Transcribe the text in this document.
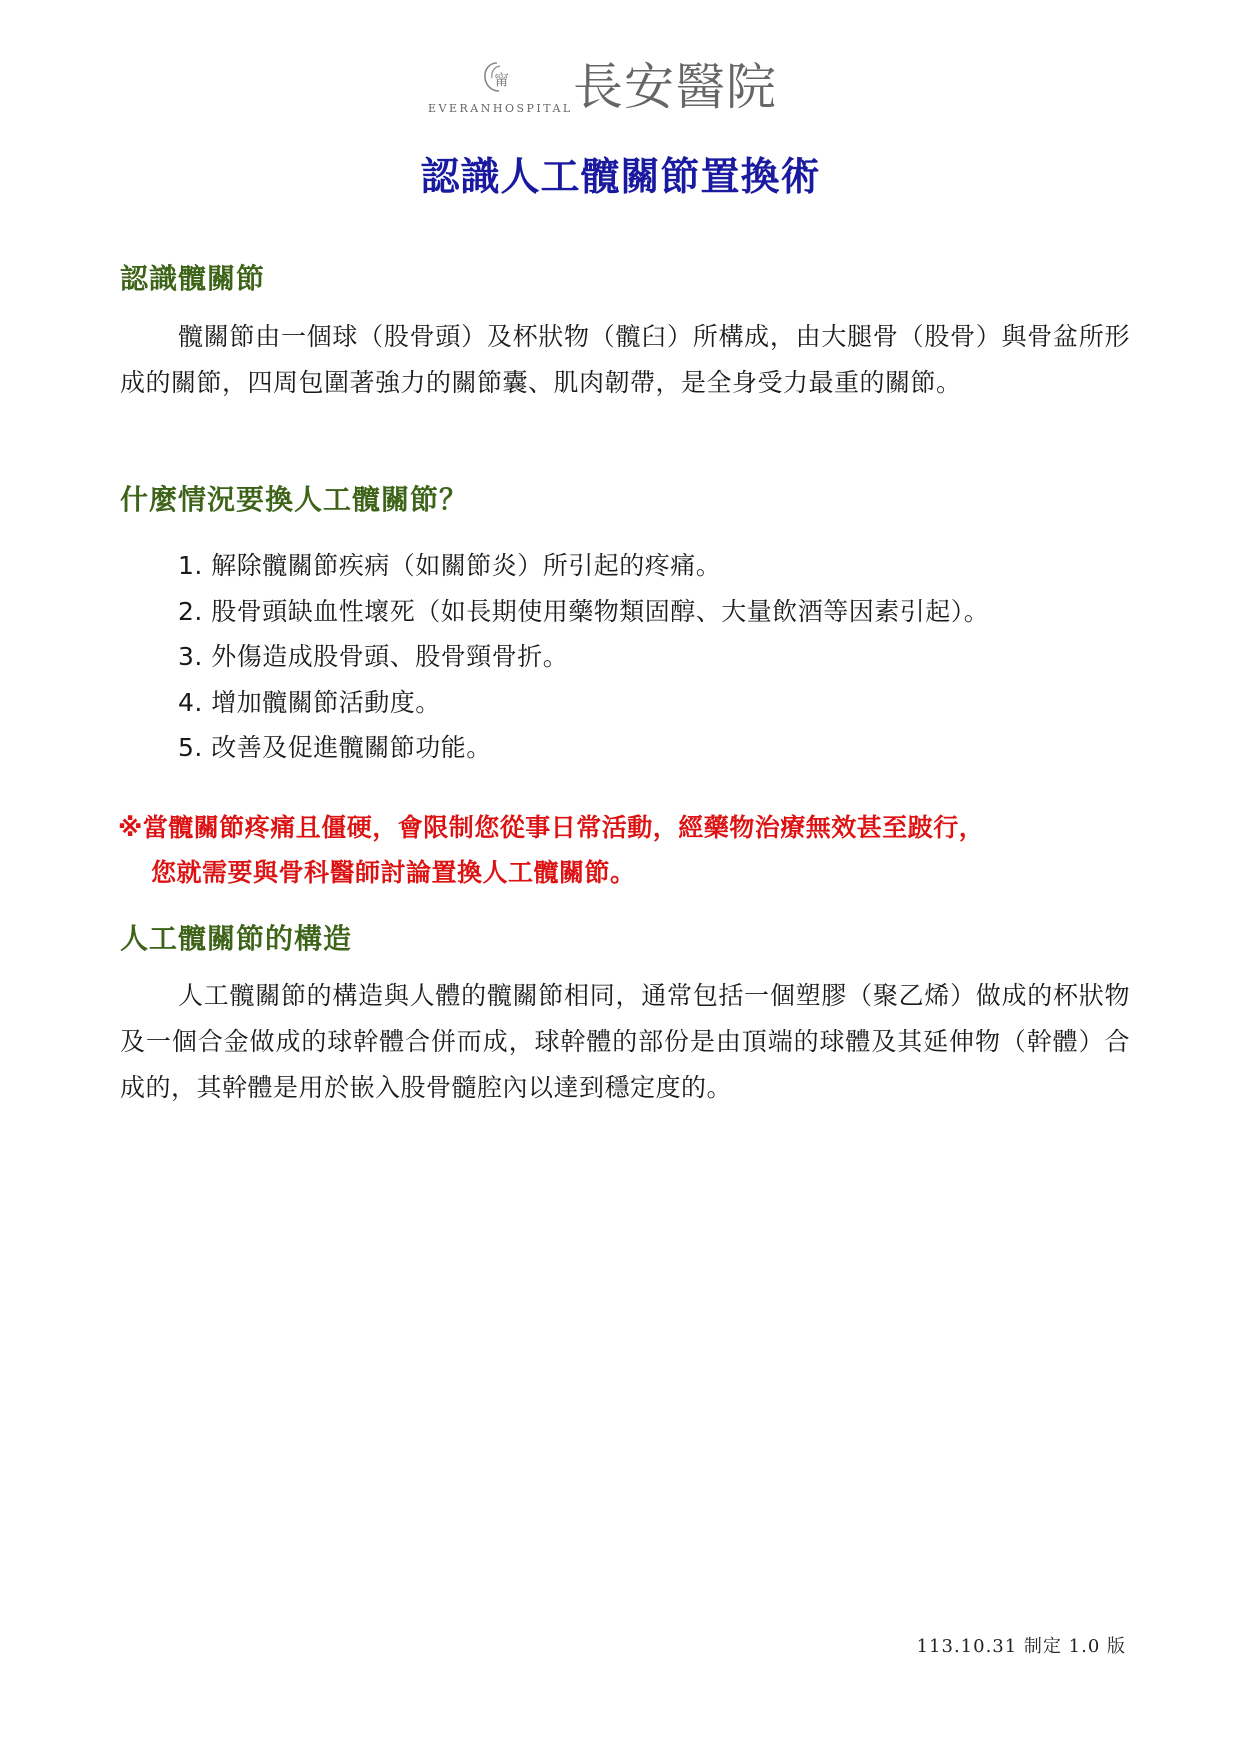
甯
EVERANHOSPITAL 長安醫院
認識人工髖關節置換術
認識髖關節

髖關節由一個球（股骨頭）及杯狀物（髖臼）所構成，由大腿骨（股骨）與骨盆所形成的關節，四周包圍著強力的關節囊、肌肉韌帶，是全身受力最重的關節。

什麼情況要換人工髖關節？
1. 解除髖關節疾病（如關節炎）所引起的疼痛。
2. 股骨頭缺血性壞死（如長期使用藥物類固醇、大量飲酒等因素引起）。
3. 外傷造成股骨頭、股骨頸骨折。
4. 增加髖關節活動度。
5. 改善及促進髖關節功能。

※當髖關節疼痛且僵硬，會限制您從事日常活動，經藥物治療無效甚至跛行，
您就需要與骨科醫師討論置換人工髖關節。

人工髖關節的構造

人工髖關節的構造與人體的髖關節相同，通常包括一個塑膠（聚乙烯）做成的杯狀物及一個合金做成的球幹體合併而成，球幹體的部份是由頂端的球體及其延伸物（幹體）合成的，其幹體是用於嵌入股骨髓腔內以達到穩定度的。

113.10.31 制定 1.0 版
